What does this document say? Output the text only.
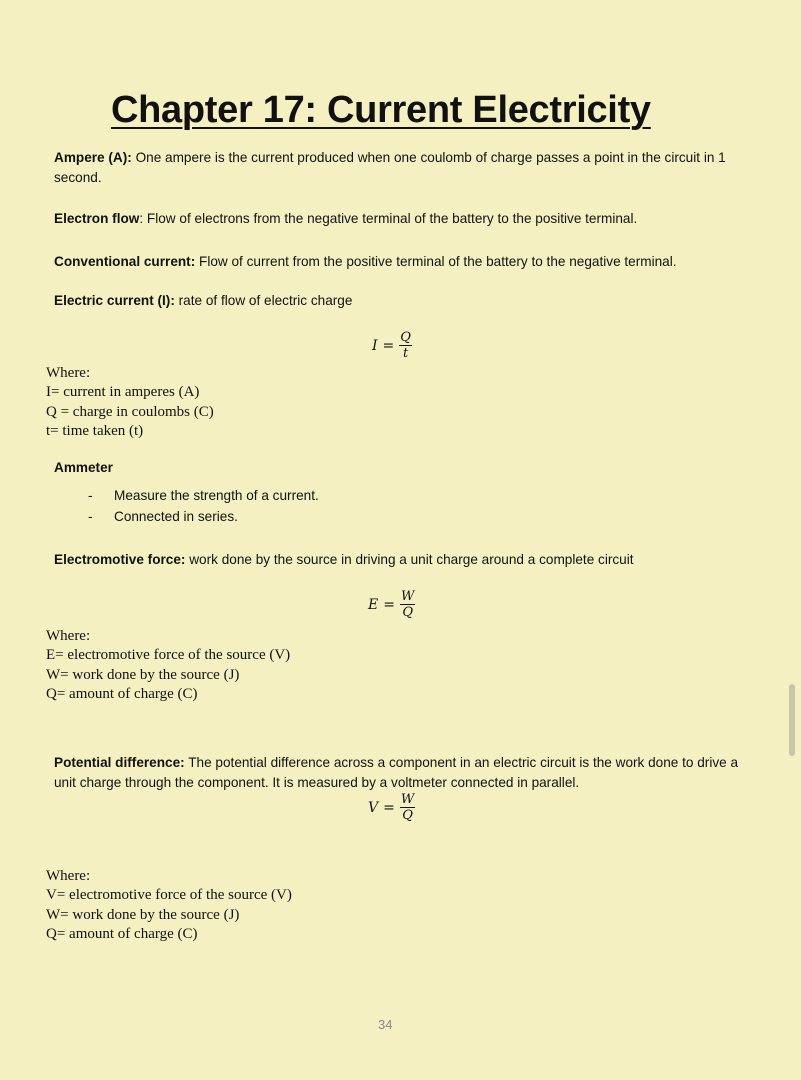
Chapter 17: Current Electricity
Ampere (A): One ampere is the current produced when one coulomb of charge passes a point in the circuit in 1 second.
Electron flow: Flow of electrons from the negative terminal of the battery to the positive terminal.
Conventional current: Flow of current from the positive terminal of the battery to the negative terminal.
Electric current (I): rate of flow of electric charge
$I = \frac{Q}{t}$
Where:
I= current in amperes (A)
Q = charge in coulombs (C)
t= time taken (t)
Ammeter
-	Measure the strength of a current.
-	Connected in series.
Electromotive force: work done by the source in driving a unit charge around a complete circuit
$E = \frac{W}{Q}$
Where:
E= electromotive force of the source (V)
W= work done by the source (J)
Q= amount of charge (C)
Potential difference: The potential difference across a component in an electric circuit is the work done to drive a unit charge through the component. It is measured by a voltmeter connected in parallel.
$V = \frac{W}{Q}$
Where:
V= electromotive force of the source (V)
W= work done by the source (J)
Q= amount of charge (C)
34
